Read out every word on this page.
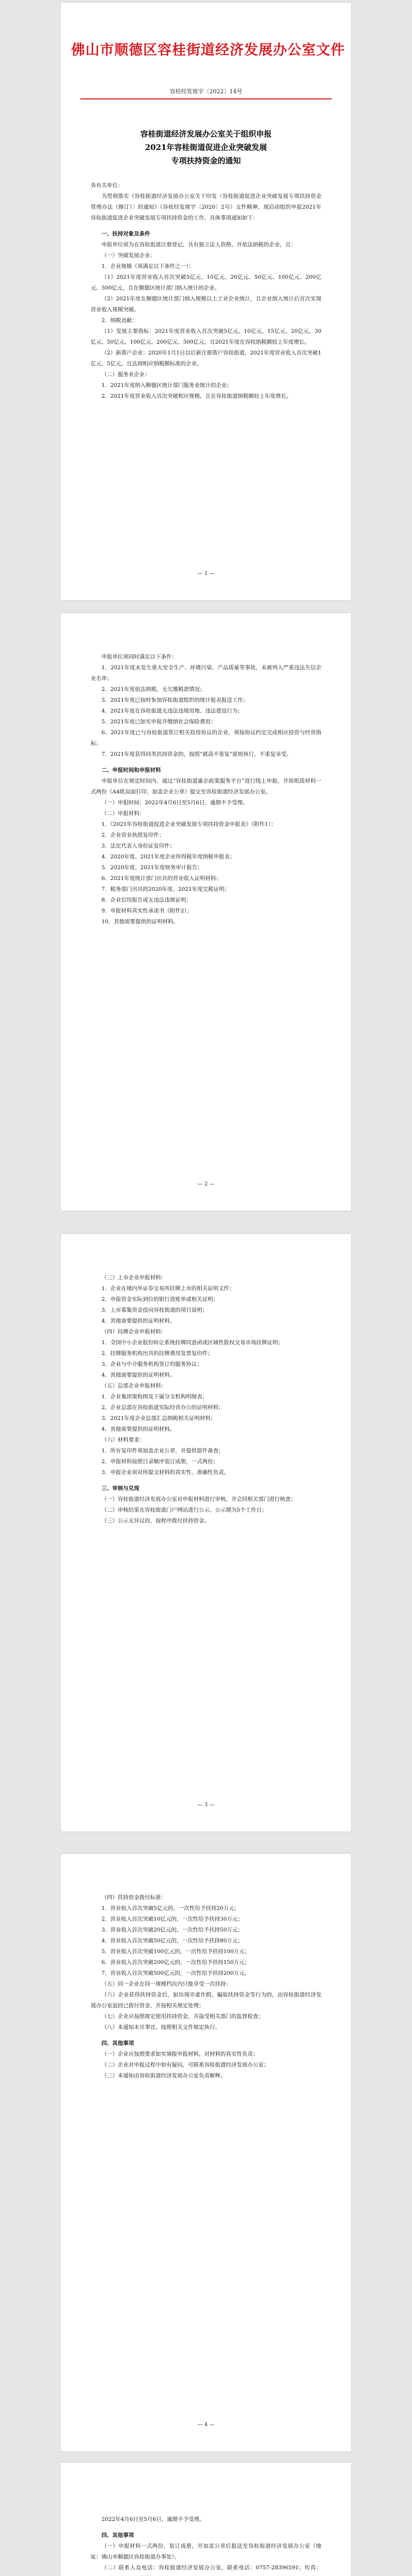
佛山市顺德区容桂街道经济发展办公室文件
容桂经发规字〔2022〕14号
容桂街道经济发展办公室关于组织申报
2021年容桂街道促进企业突破发展
专项扶持资金的通知

各有关单位：

为贯彻落实《容桂街道经济发展办公室关于印发〈容桂街道促进企业突破发展专项扶持资金管理办法（修订）〉的通知》（容桂经发规字〔2020〕2号）文件精神，现启动组织申报2021年容桂街道促进企业突破发展专项扶持资金的工作，具体事项通知如下：

一、扶持对象及条件

申报单位须为在容桂街道注册登记、具有独立法人资格、并依法纳税的企业，且：

（一）突破发展企业：

1．企业规模（须满足以下条件之一）：

（1）2021年度营业收入首次突破5亿元、10亿元、20亿元、50亿元、100亿元、200亿元、500亿元，且在顺德区统计部门纳入统计的企业。

（2）2021年度在顺德区统计部门纳入规模以上工业企业统计，且企业纳入统计后首次实现营业收入规模突破。

2．纳税贡献：

（1）发展主要指标：2021年度营业收入首次突破5亿元、10亿元、15亿元、20亿元、30亿元、50亿元、100亿元、200亿元、500亿元，且2021年度在容桂纳税额较上年度增长。

（2）新落户企业：2020年1月1日以后新注册落户容桂街道，2021年度营业收入首次突破1亿元、5亿元，且达到相应纳税额标准的企业。

（二）服务业企业：

1．2021年度纳入顺德区统计部门服务业统计的企业；

2．2021年度营业收入首次突破相应规模，且在容桂街道纳税额较上年度增长。

— 1 —

申报单位须同时满足以下条件：

1．2021年度未发生重大安全生产、环境污染、产品质量等事故，未被列入严重违法失信企业名单；

2．2021年度依法纳税，无欠缴税款情况；

3．2021年度已按时参加容桂街道组织的统计报表报送工作；

4．2021年度在容桂街道无违法违规用地、违法建设行为；

5．2021年度已如实申报并缴纳社会保险费用；

6．2021年度已与容桂街道签订相关投资协议的企业，须按协议约定完成相应投资与经营指标；

7．2021年度获得同类扶持资金的，按照“就高不重复”原则执行，不重复享受。

二、申报时间和申报材料

申报单位在规定时间内，通过“容桂街道惠企政策服务平台”进行线上申报，并将纸质材料一式两份（A4纸双面打印，加盖企业公章）提交至容桂街道经济发展办公室。

（一）申报时间：2022年4月6日至5月6日，逾期不予受理。

（二）申报材料：

1．《2021年容桂街道促进企业突破发展专项扶持资金申报表》（附件1）；

2．企业营业执照复印件；

3．法定代表人身份证复印件；

4．2020年度、2021年度企业所得税年度纳税申报表；

5．2020年度、2021年度财务审计报告；

6．2021年度统计部门出具的营业收入证明材料；

7．税务部门出具的2020年度、2021年度完税证明；

8．企业信用报告或无违法违规证明；

9．申报材料真实性承诺书（附件2）；

10．其他需要提供的证明材料。

— 2 —

（三）上市企业申报材料：

1．企业在境内外证券交易所挂牌上市的相关证明文件；

2．申报资金实际到位的银行进账单或相关证明；

3．上市募集资金投向容桂街道的项目说明；

4．其他需要提供的证明材料。

（四）挂牌企业申报材料：

1．全国中小企业股份转让系统挂牌同意函或区域性股权交易市场挂牌证明；

2．挂牌服务机构出具的挂牌费用发票复印件；

3．企业与中介服务机构签订的服务协议；

4．其他需要提供的证明材料。

（五）总部企业申报材料：

1．企业集团架构图及下属分支机构明细表；

2．企业总部在容桂街道实际经营办公的证明材料；

3．2021年度企业总部汇总纳税相关证明材料；

4．其他需要提供的证明材料。

（六）材料要求：

1．所有复印件须加盖企业公章，并提供原件备查；

2．申报材料按照目录顺序装订成册，一式两份；

3．申报企业须对所提交材料的真实性、准确性负责。

三、审核与兑现

（一）容桂街道经济发展办公室对申报材料进行审核，并会同相关部门进行核查；

（二）审核结果在容桂街道门户网站进行公示，公示期为5个工作日；

（三）公示无异议的，按程序拨付扶持资金。

— 3 —

（四）扶持资金拨付标准：

1．营业收入首次突破5亿元的，一次性给予扶持20万元；

2．营业收入首次突破10亿元的，一次性给予扶持30万元；

3．营业收入首次突破20亿元的，一次性给予扶持50万元；

4．营业收入首次突破50亿元的，一次性给予扶持80万元；

5．营业收入首次突破100亿元的，一次性给予扶持100万元；

6．营业收入首次突破200亿元的，一次性给予扶持150万元；

7．营业收入首次突破500亿元的，一次性给予扶持200万元。

（五）同一企业在同一规模档次内只能享受一次扶持；

（六）企业获得扶持资金后，如出现弄虚作假、骗取扶持资金等行为的，由容桂街道经济发展办公室追回已拨付资金，并按相关规定处理；

（七）企业应按照规定使用扶持资金，并接受相关部门的监督检查；

（八）本通知未尽事宜，按照相关文件规定执行。

四、其他事项

（一）企业应按照要求如实填报申报材料，对材料的真实性负责；

（二）企业对申报过程中如有疑问，可联系容桂街道经济发展办公室；

（三）本通知由容桂街道经济发展办公室负责解释。

— 4 —

2022年4月6日至5月6日，逾期不予受理。

四、其他事项

（一）申报材料一式两份，装订成册，并加盖公章后报送至容桂街道经济发展办公室（地址：佛山市顺德区容桂街道办事处）。

（二）联系人及电话：容桂街道经济发展办公室，联系电话：0757-28396591；传真：
